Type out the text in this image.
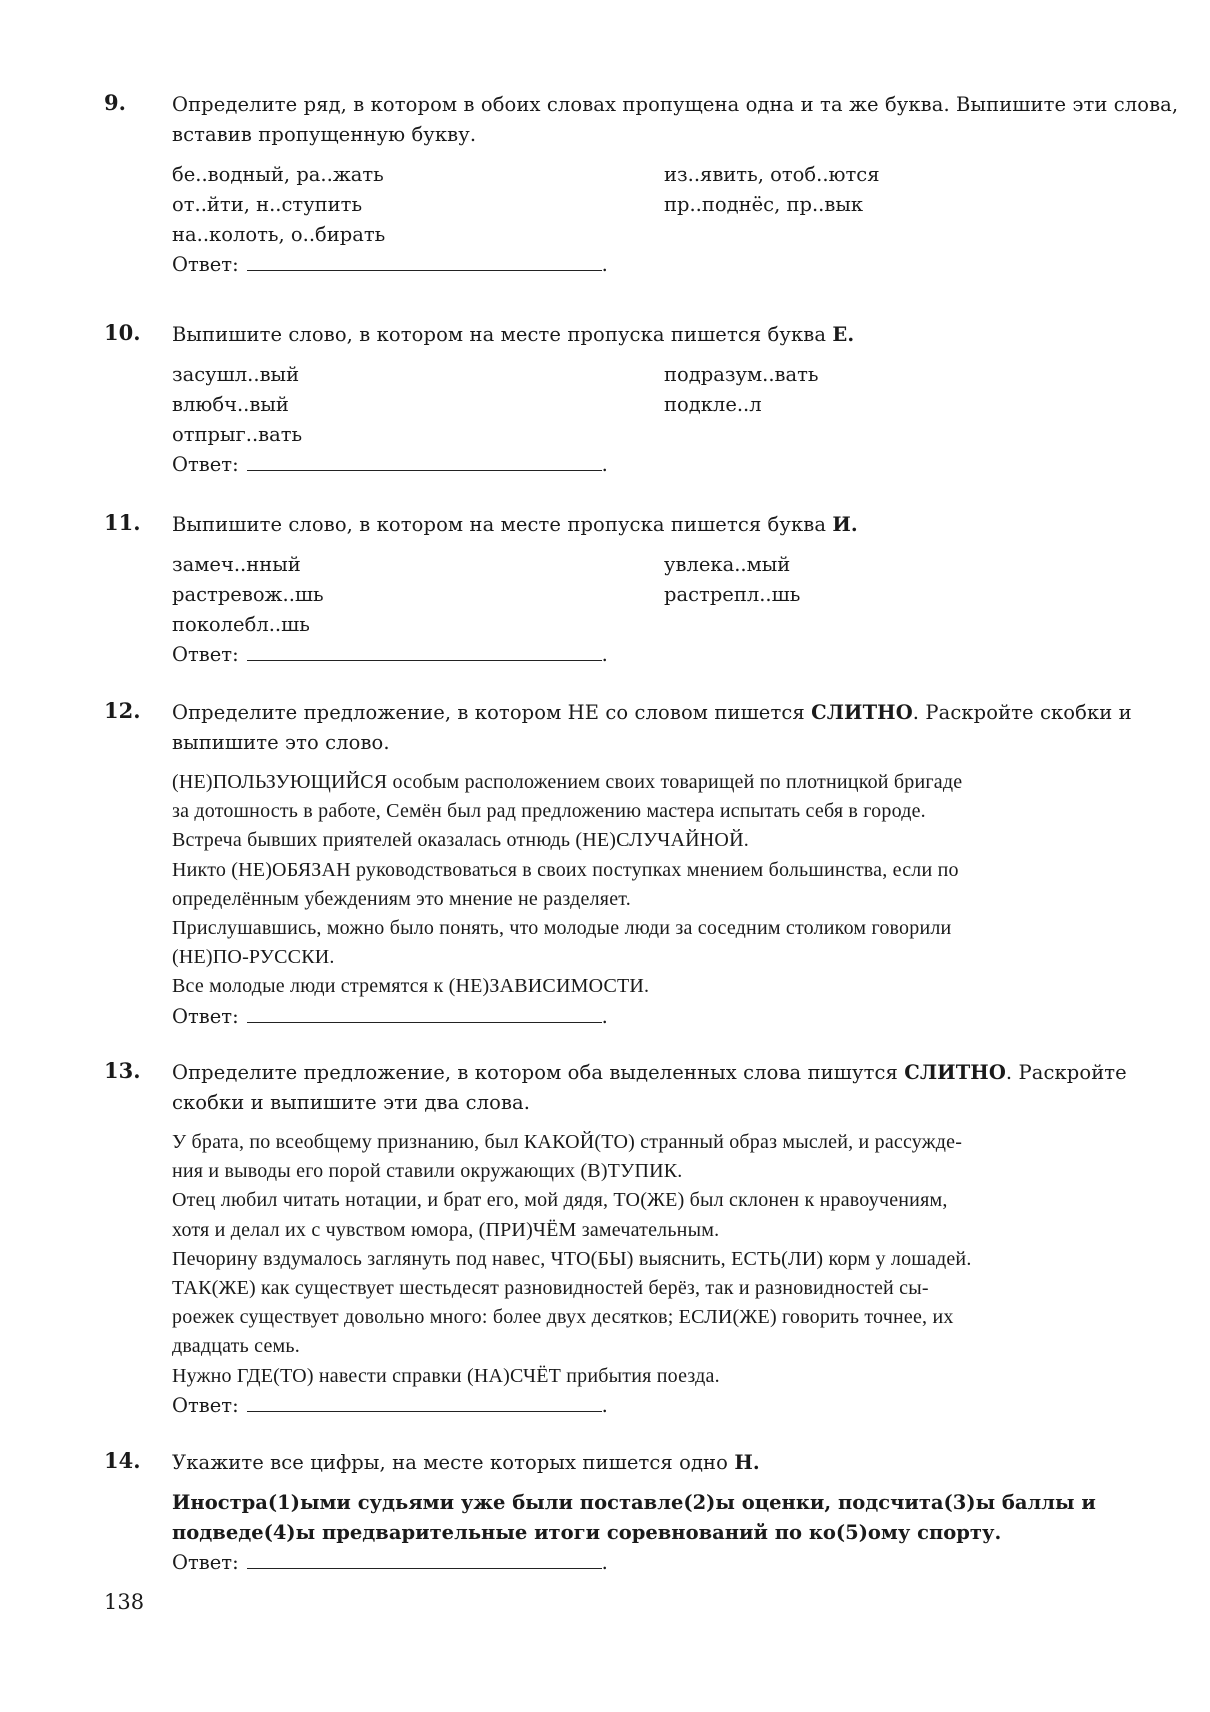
9. Определите ряд, в котором в обоих словах пропущена одна и та же буква. Выпишите эти слова, вставив пропущенную букву.
бе..водный, ра..жать	из..явить, отоб..ются
от..йти, н..ступить	пр..поднёс, пр..вык
на..колоть, о..бирать
Ответ:	.
10. Выпишите слово, в котором на месте пропуска пишется буква Е.
засушл..вый	подразум..вать
влюбч..вый	подкле..л
отпрыг..вать
Ответ:	.
11. Выпишите слово, в котором на месте пропуска пишется буква И.
замеч..нный	увлека..мый
растревож..шь	растрепл..шь
поколебл..шь
Ответ:	.
12. Определите предложение, в котором НЕ со словом пишется СЛИТНО. Раскройте скобки и выпишите это слово.
(НЕ)ПОЛЬЗУЮЩИЙСЯ особым расположением своих товарищей по плотницкой бригаде
за дотошность в работе, Семён был рад предложению мастера испытать себя в городе.
Встреча бывших приятелей оказалась отнюдь (НЕ)СЛУЧАЙНОЙ.
Никто (НЕ)ОБЯЗАН руководствоваться в своих поступках мнением большинства, если по
определённым убеждениям это мнение не разделяет.
Прислушавшись, можно было понять, что молодые люди за соседним столиком говорили
(НЕ)ПО-РУССКИ.
Все молодые люди стремятся к (НЕ)ЗАВИСИМОСТИ.
Ответ:	.
13. Определите предложение, в котором оба выделенных слова пишутся СЛИТНО. Раскройте скобки и выпишите эти два слова.
У брата, по всеобщему признанию, был КАКОЙ(ТО) странный образ мыслей, и рассужде-
ния и выводы его порой ставили окружающих (В)ТУПИК.
Отец любил читать нотации, и брат его, мой дядя, ТО(ЖЕ) был склонен к нравоучениям,
хотя и делал их с чувством юмора, (ПРИ)ЧЁМ замечательным.
Печорину вздумалось заглянуть под навес, ЧТО(БЫ) выяснить, ЕСТЬ(ЛИ) корм у лошадей.
ТАК(ЖЕ) как существует шестьдесят разновидностей берёз, так и разновидностей сы-
роежек существует довольно много: более двух десятков; ЕСЛИ(ЖЕ) говорить точнее, их
двадцать семь.
Нужно ГДЕ(ТО) навести справки (НА)СЧЁТ прибытия поезда.
Ответ:	.
14. Укажите все цифры, на месте которых пишется одно Н.
Иностра(1)ыми судьями уже были поставле(2)ы оценки, подсчита(3)ы баллы и подведе(4)ы предварительные итоги соревнований по ко(5)ому спорту.
Ответ:	.
138
